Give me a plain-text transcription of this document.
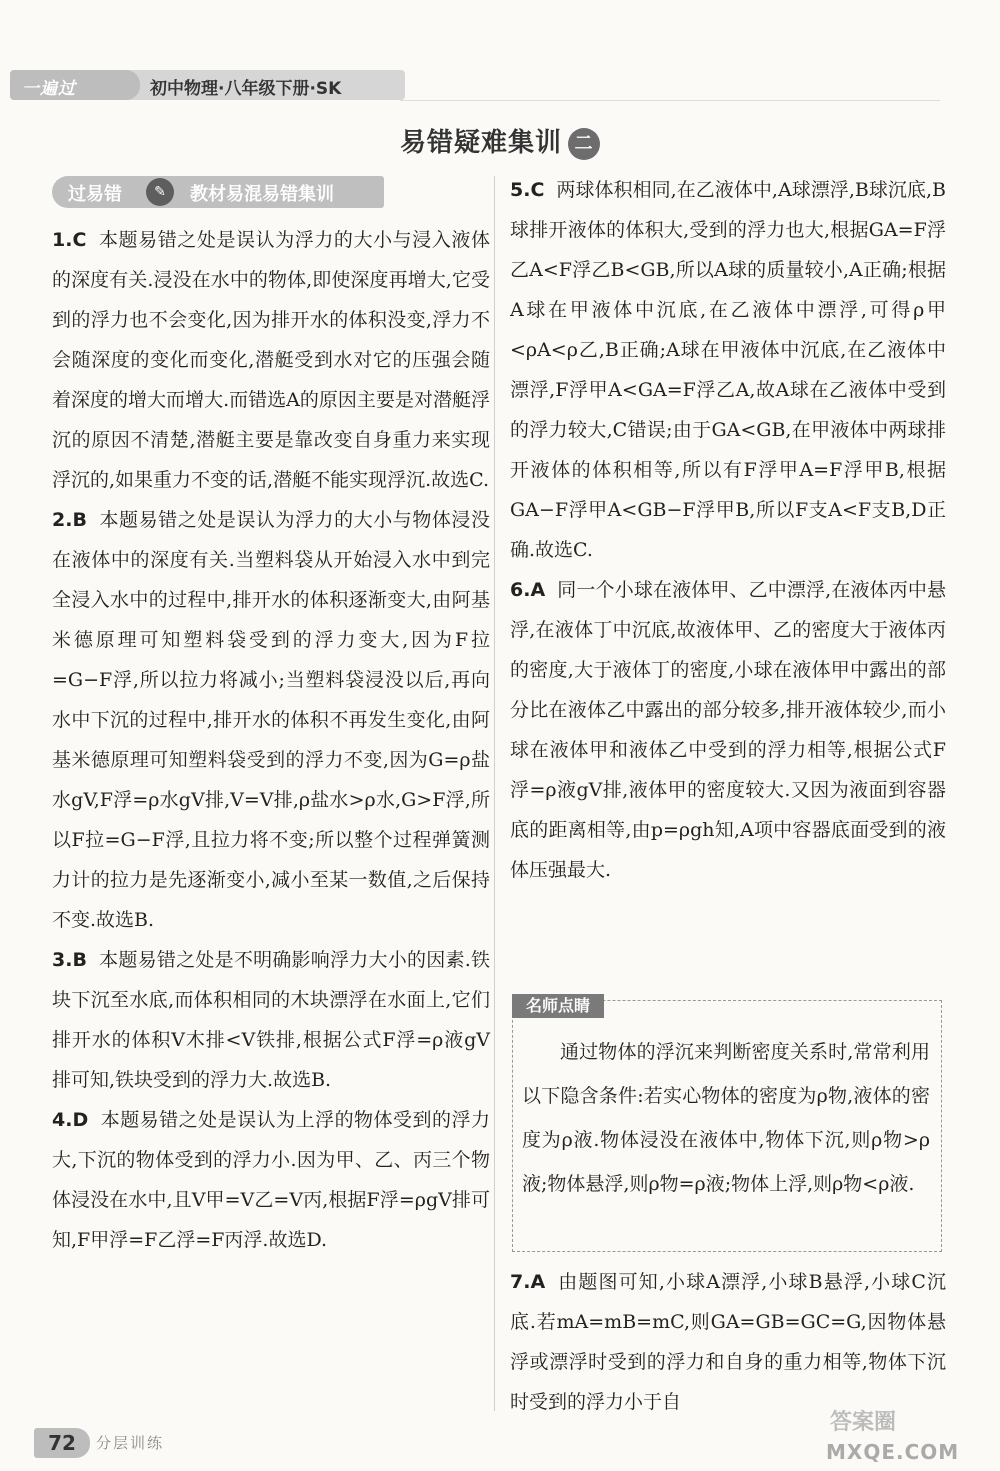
一遍过	初中物理·八年级下册·SK
易错疑难集训 二
过易错	✎	教材易混易错集训

1.C 本题易错之处是误认为浮力的大小与浸入液体的深度有关.浸没在水中的物体,即使深度再增大,它受到的浮力也不会变化,因为排开水的体积没变,浮力不会随深度的变化而变化,潜艇受到水对它的压强会随着深度的增大而增大.而错选A的原因主要是对潜艇浮沉的原因不清楚,潜艇主要是靠改变自身重力来实现浮沉的,如果重力不变的话,潜艇不能实现浮沉.故选C.

2.B 本题易错之处是误认为浮力的大小与物体浸没在液体中的深度有关.当塑料袋从开始浸入水中到完全浸入水中的过程中,排开水的体积逐渐变大,由阿基米德原理可知塑料袋受到的浮力变大,因为F拉=G−F浮,所以拉力将减小;当塑料袋浸没以后,再向水中下沉的过程中,排开水的体积不再发生变化,由阿基米德原理可知塑料袋受到的浮力不变,因为G=ρ盐水gV,F浮=ρ水gV排,V=V排,ρ盐水>ρ水,G>F浮,所以F拉=G−F浮,且拉力将不变;所以整个过程弹簧测力计的拉力是先逐渐变小,减小至某一数值,之后保持不变.故选B.

3.B 本题易错之处是不明确影响浮力大小的因素.铁块下沉至水底,而体积相同的木块漂浮在水面上,它们排开水的体积V木排<V铁排,根据公式F浮=ρ液gV排可知,铁块受到的浮力大.故选B.

4.D 本题易错之处是误认为上浮的物体受到的浮力大,下沉的物体受到的浮力小.因为甲、乙、丙三个物体浸没在水中,且V甲=V乙=V丙,根据F浮=ρgV排可知,F甲浮=F乙浮=F丙浮.故选D.

5.C 两球体积相同,在乙液体中,A球漂浮,B球沉底,B球排开液体的体积大,受到的浮力也大,根据GA=F浮乙A<F浮乙B<GB,所以A球的质量较小,A正确;根据A球在甲液体中沉底,在乙液体中漂浮,可得ρ甲<ρA<ρ乙,B正确;A球在甲液体中沉底,在乙液体中漂浮,F浮甲A<GA=F浮乙A,故A球在乙液体中受到的浮力较大,C错误;由于GA<GB,在甲液体中两球排开液体的体积相等,所以有F浮甲A=F浮甲B,根据GA−F浮甲A<GB−F浮甲B,所以F支A<F支B,D正确.故选C.

6.A 同一个小球在液体甲、乙中漂浮,在液体丙中悬浮,在液体丁中沉底,故液体甲、乙的密度大于液体丙的密度,大于液体丁的密度,小球在液体甲中露出的部分比在液体乙中露出的部分较多,排开液体较少,而小球在液体甲和液体乙中受到的浮力相等,根据公式F浮=ρ液gV排,液体甲的密度较大.又因为液面到容器底的距离相等,由p=ρgh知,A项中容器底面受到的液体压强最大.

名师点睛
通过物体的浮沉来判断密度关系时,常常利用以下隐含条件:若实心物体的密度为ρ物,液体的密度为ρ液.物体浸没在液体中,物体下沉,则ρ物>ρ液;物体悬浮,则ρ物=ρ液;物体上浮,则ρ物<ρ液.

7.A 由题图可知,小球A漂浮,小球B悬浮,小球C沉底.若mA=mB=mC,则GA=GB=GC=G,因物体悬浮或漂浮时受到的浮力和自身的重力相等,物体下沉时受到的浮力小于自

72	分层训练
答案圈
MXQE.COM
